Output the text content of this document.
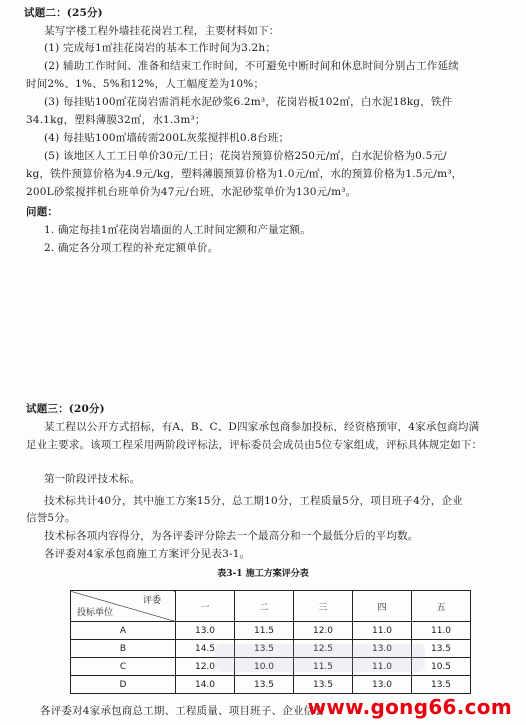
试题二：(25分)
某写字楼工程外墙挂花岗岩工程，主要材料如下：
(1) 完成每1㎡挂花岗岩的基本工作时间为3.2h；
(2) 辅助工作时间、准备和结束工作时间，不可避免中断时间和休息时间分别占工作延续
时间2%、1%、5%和12%，人工幅度差为10%；
(3) 每挂贴100㎡花岗岩需消耗水泥砂浆6.2m³，花岗岩板102㎡，白水泥18kg，铁件
34.1kg，塑料薄膜32㎡，水1.3m³；
(4) 每挂贴100㎡墙砖需200L灰浆搅拌机0.8台班；
(5) 该地区人工工日单价30元/工日；花岗岩预算价格250元/㎡，白水泥价格为0.5元/
kg，铁件预算价格为4.9元/kg，塑料薄膜预算价格为1.0元/㎡，水的预算价格为1.5元/m³，
200L砂浆搅拌机台班单价为47元/台班，水泥砂浆单价为130元/m³。
问题：
1. 确定每挂1㎡花岗岩墙面的人工时间定额和产量定额。
2. 确定各分项工程的补充定额单价。
试题三：(20分)
某工程以公开方式招标，有A、B、C、D四家承包商参加投标，经资格预审，4家承包商均满
足业主要求。该项工程采用两阶段评标法，评标委员会成员由5位专家组成，评标具体规定如下：
第一阶段评技术标。
技术标共计40分，其中施工方案15分，总工期10分，工程质量5分，项目班子4分，企业
信誉5分。
技术标各项内容得分，为各评委评分除去一个最高分和一个最低分后的平均数。
各评委对4家承包商施工方案评分见表3-1。
表3-1 施工方案评分表
评委
投标单位	一	二	三	四	五
A	13.0	11.5	12.0	11.0	11.0
B	14.5	13.5	12.5	13.0	13.5
C	12.0	10.0	11.5	11.0	10.5
D	14.0	13.5	13.5	13.0	13.5
各评委对4家承包商总工期、工程质量、项目班子、企业信誉
www.gong66.com
